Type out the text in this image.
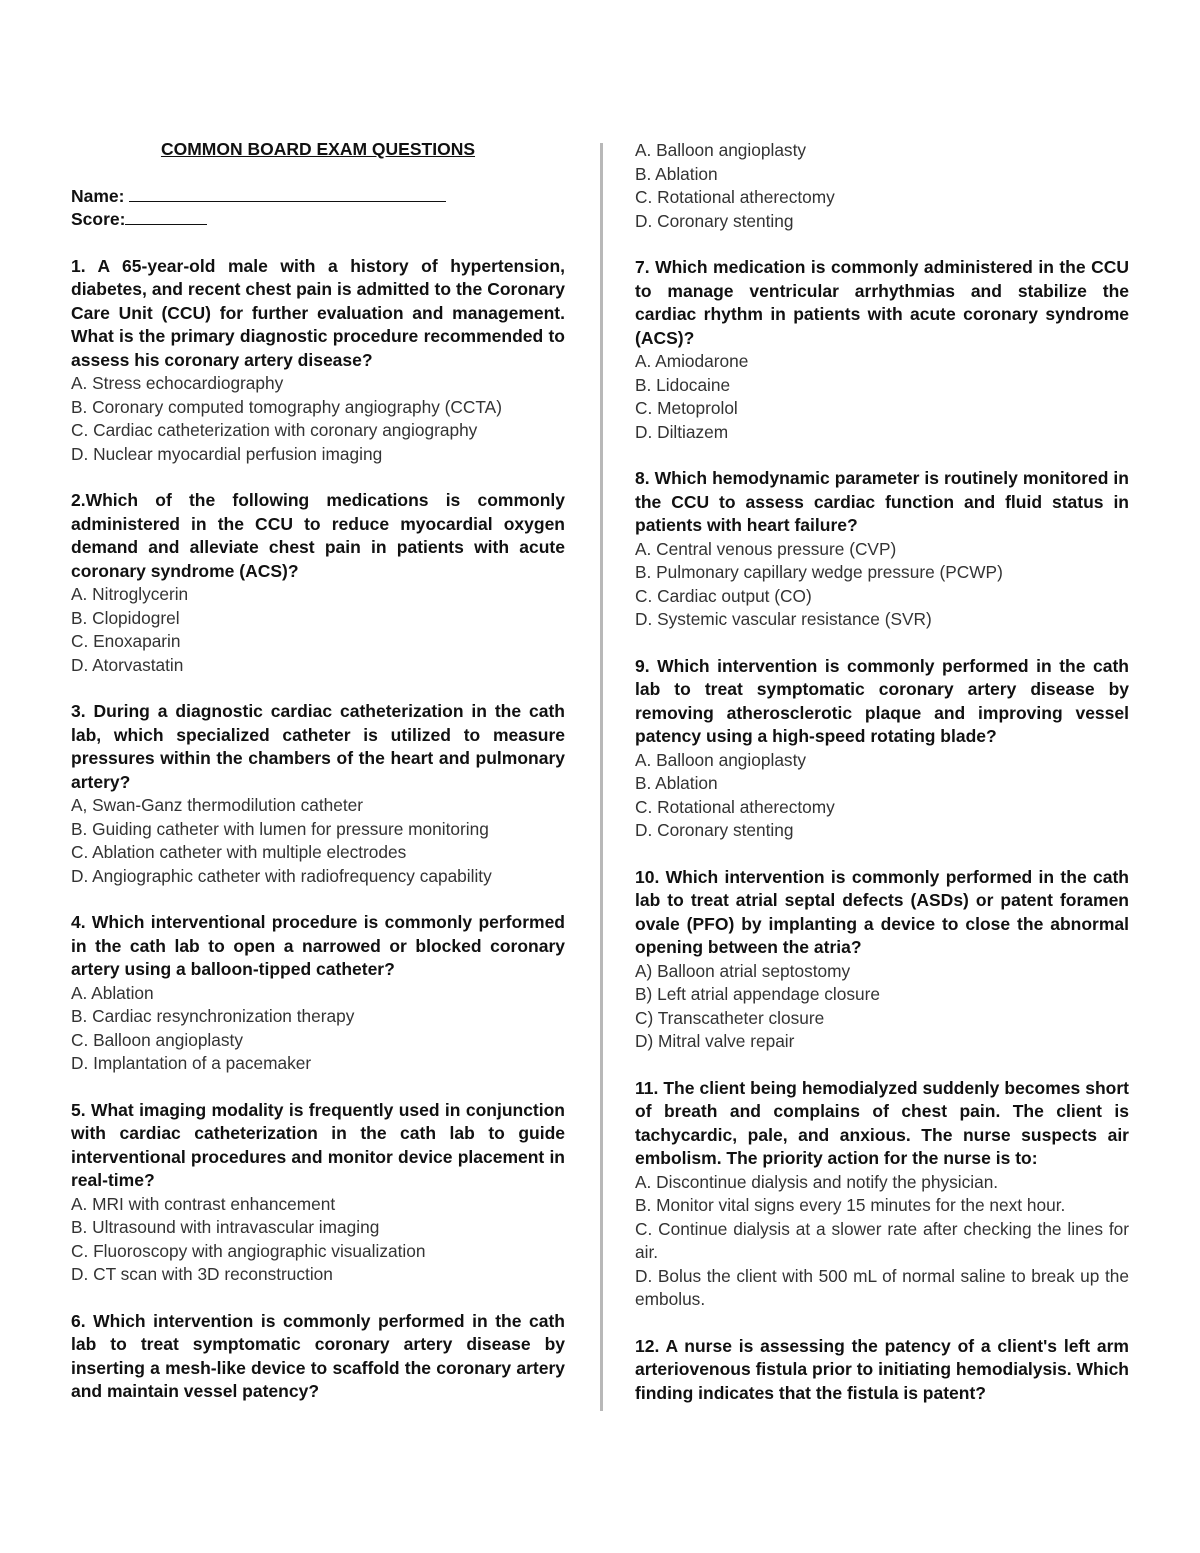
COMMON BOARD EXAM QUESTIONS

Name:
Score:

1. A 65-year-old male with a history of hypertension, diabetes, and recent chest pain is admitted to the Coronary Care Unit (CCU) for further evaluation and management. What is the primary diagnostic procedure recommended to assess his coronary artery disease?

A. Stress echocardiography

B. Coronary computed tomography angiography (CCTA)

C. Cardiac catheterization with coronary angiography

D. Nuclear myocardial perfusion imaging

2.Which of the following medications is commonly administered in the CCU to reduce myocardial oxygen demand and alleviate chest pain in patients with acute coronary syndrome (ACS)?

A. Nitroglycerin

B. Clopidogrel

C. Enoxaparin

D. Atorvastatin

3. During a diagnostic cardiac catheterization in the cath lab, which specialized catheter is utilized to measure pressures within the chambers of the heart and pulmonary artery?

A, Swan-Ganz thermodilution catheter

B. Guiding catheter with lumen for pressure monitoring

C. Ablation catheter with multiple electrodes

D. Angiographic catheter with radiofrequency capability

4. Which interventional procedure is commonly performed in the cath lab to open a narrowed or blocked coronary artery using a balloon-tipped catheter?

A. Ablation

B. Cardiac resynchronization therapy

C. Balloon angioplasty

D. Implantation of a pacemaker

5. What imaging modality is frequently used in conjunction with cardiac catheterization in the cath lab to guide interventional procedures and monitor device placement in real-time?

A. MRI with contrast enhancement

B. Ultrasound with intravascular imaging

C. Fluoroscopy with angiographic visualization

D. CT scan with 3D reconstruction

6. Which intervention is commonly performed in the cath lab to treat symptomatic coronary artery disease by inserting a mesh-like device to scaffold the coronary artery and maintain vessel patency?

A. Balloon angioplasty

B. Ablation

C. Rotational atherectomy

D. Coronary stenting

7. Which medication is commonly administered in the CCU to manage ventricular arrhythmias and stabilize the cardiac rhythm in patients with acute coronary syndrome (ACS)?

A. Amiodarone

B. Lidocaine

C. Metoprolol

D. Diltiazem

8. Which hemodynamic parameter is routinely monitored in the CCU to assess cardiac function and fluid status in patients with heart failure?

A. Central venous pressure (CVP)

B. Pulmonary capillary wedge pressure (PCWP)

C. Cardiac output (CO)

D. Systemic vascular resistance (SVR)

9. Which intervention is commonly performed in the cath lab to treat symptomatic coronary artery disease by removing atherosclerotic plaque and improving vessel patency using a high-speed rotating blade?

A. Balloon angioplasty

B. Ablation

C. Rotational atherectomy

D. Coronary stenting

10. Which intervention is commonly performed in the cath lab to treat atrial septal defects (ASDs) or patent foramen ovale (PFO) by implanting a device to close the abnormal opening between the atria?

A) Balloon atrial septostomy

B) Left atrial appendage closure

C) Transcatheter closure

D) Mitral valve repair

11. The client being hemodialyzed suddenly becomes short of breath and complains of chest pain. The client is tachycardic, pale, and anxious. The nurse suspects air embolism. The priority action for the nurse is to:

A. Discontinue dialysis and notify the physician.

B. Monitor vital signs every 15 minutes for the next hour.

C. Continue dialysis at a slower rate after checking the lines for air.

D. Bolus the client with 500 mL of normal saline to break up the embolus.

12. A nurse is assessing the patency of a client's left arm arteriovenous fistula prior to initiating hemodialysis. Which finding indicates that the fistula is patent?
